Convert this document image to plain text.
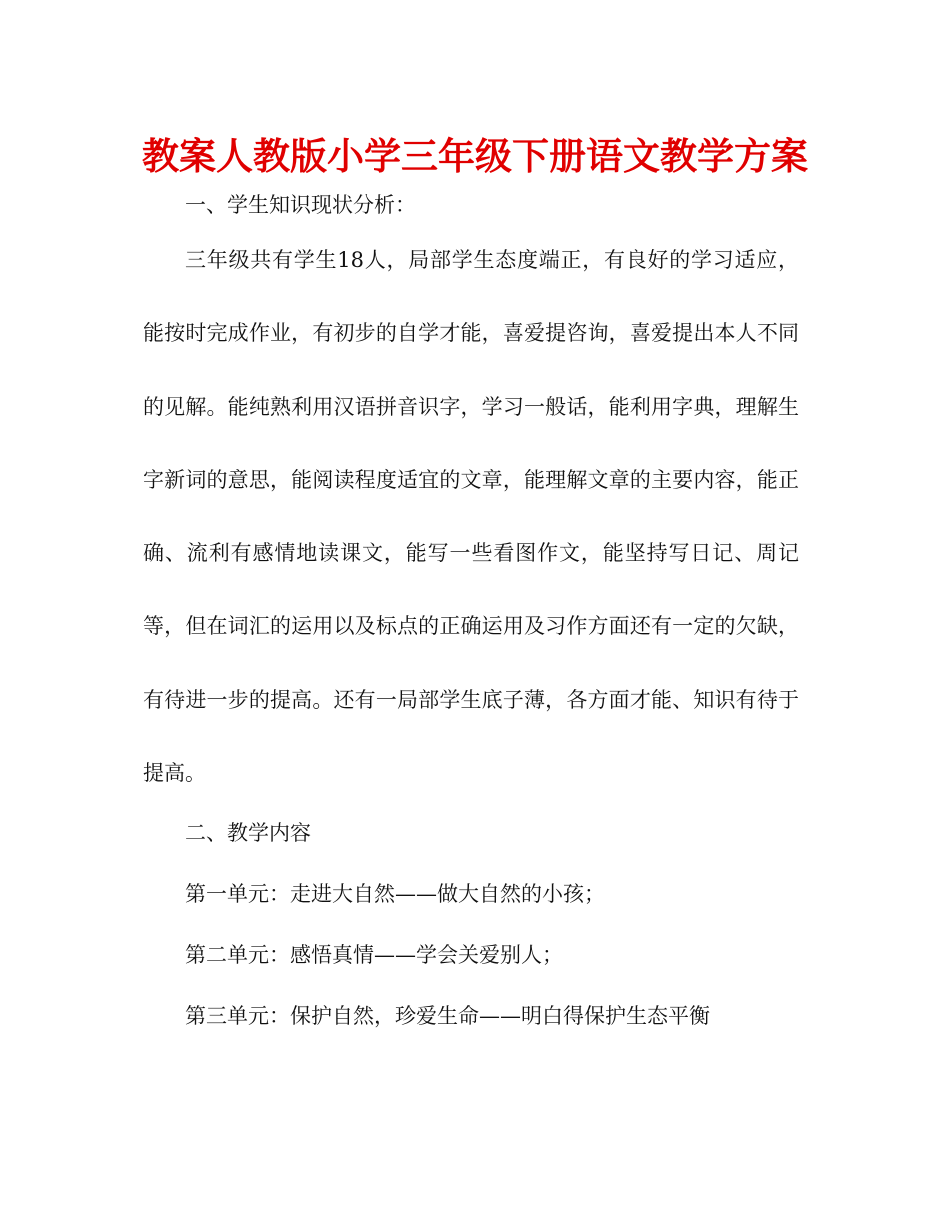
教案人教版小学三年级下册语文教学方案

一、学生知识现状分析：

三年级共有学生18人，局部学生态度端正，有良好的学习适应，能按时完成作业，有初步的自学才能，喜爱提咨询，喜爱提出本人不同的见解。能纯熟利用汉语拼音识字，学习一般话，能利用字典，理解生字新词的意思，能阅读程度适宜的文章，能理解文章的主要内容，能正确、流利有感情地读课文，能写一些看图作文，能坚持写日记、周记等，但在词汇的运用以及标点的正确运用及习作方面还有一定的欠缺，有待进一步的提高。还有一局部学生底子薄，各方面才能、知识有待于提高。

二、教学内容

第一单元：走进大自然——做大自然的小孩；

第二单元：感悟真情——学会关爱别人；

第三单元：保护自然，珍爱生命——明白得保护生态平衡
